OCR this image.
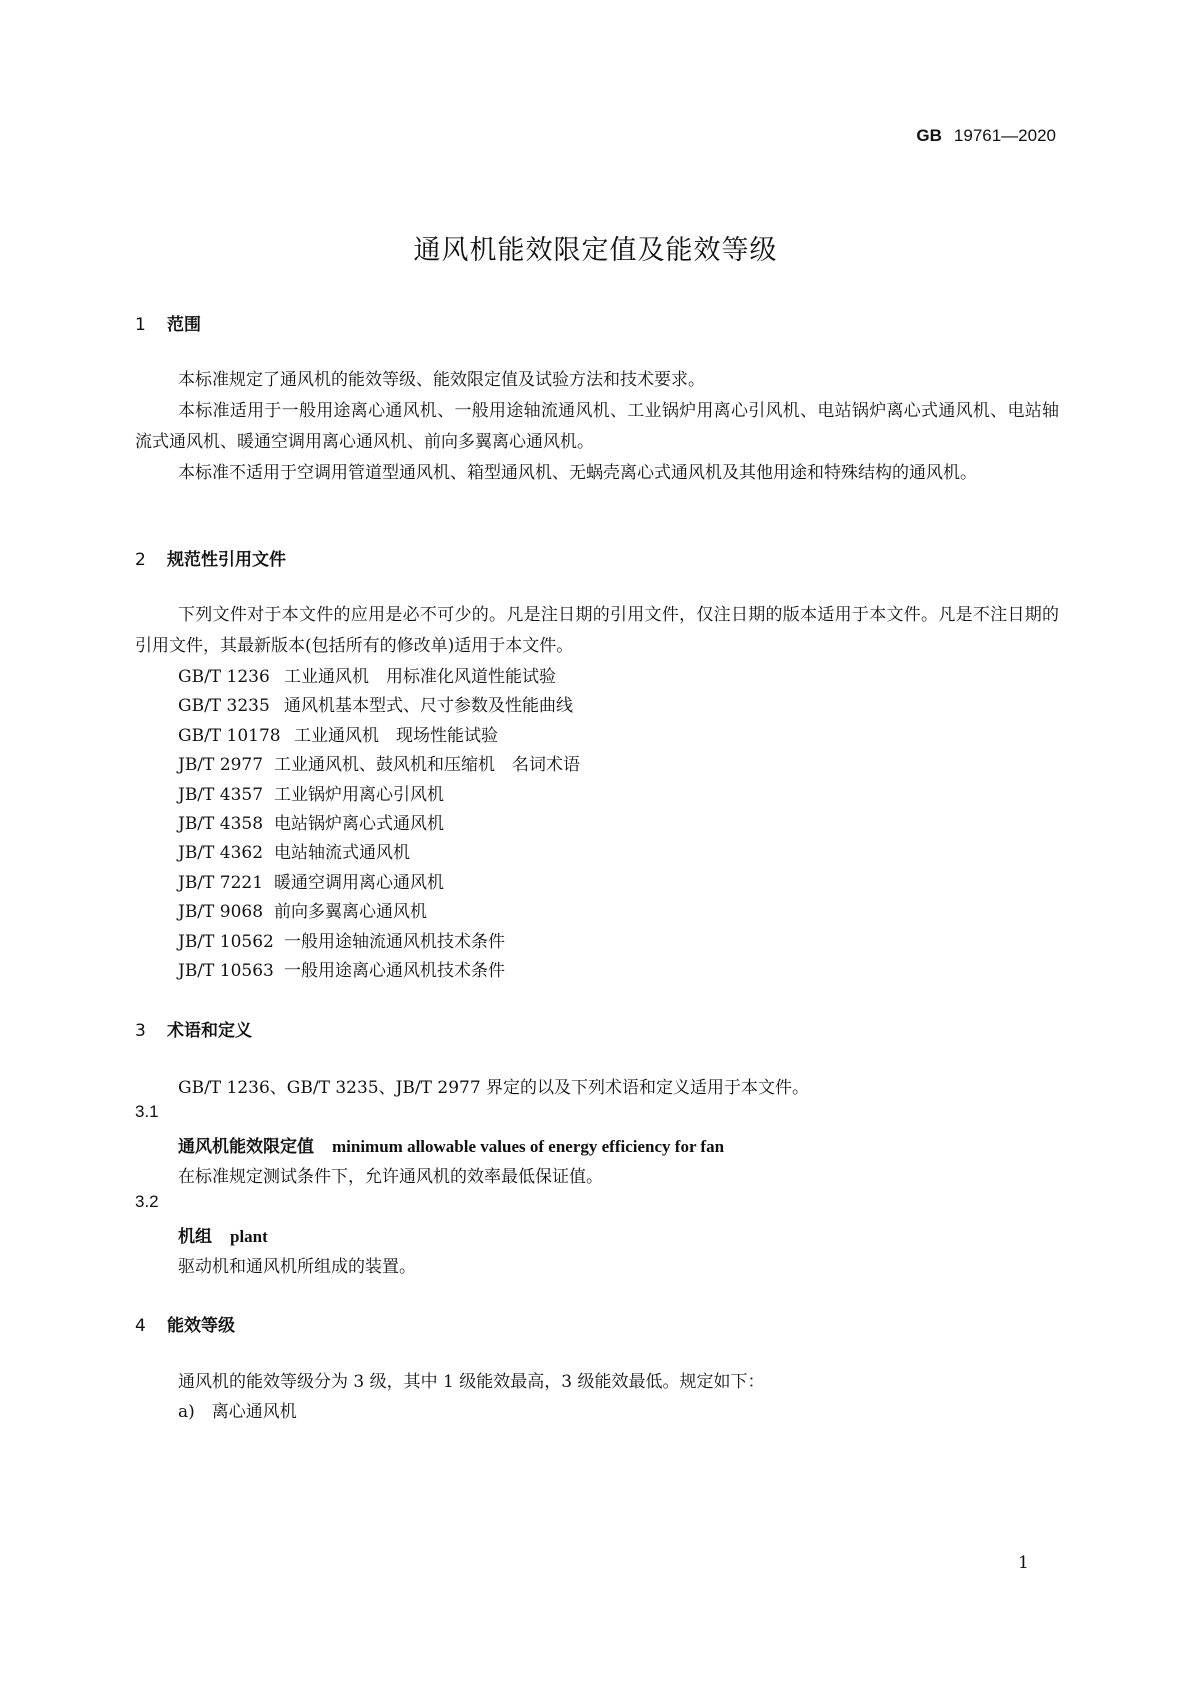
GB 19761—2020
通风机能效限定值及能效等级
1 范围
本标准规定了通风机的能效等级、能效限定值及试验方法和技术要求。
本标准适用于一般用途离心通风机、一般用途轴流通风机、工业锅炉用离心引风机、电站锅炉离心式通风机、电站轴流式通风机、暖通空调用离心通风机、前向多翼离心通风机。
本标准不适用于空调用管道型通风机、箱型通风机、无蜗壳离心式通风机及其他用途和特殊结构的通风机。
2 规范性引用文件
下列文件对于本文件的应用是必不可少的。凡是注日期的引用文件，仅注日期的版本适用于本文件。凡是不注日期的引用文件，其最新版本(包括所有的修改单)适用于本文件。
GB/T 1236 工业通风机　用标准化风道性能试验
GB/T 3235 通风机基本型式、尺寸参数及性能曲线
GB/T 10178 工业通风机　现场性能试验
JB/T 2977 工业通风机、鼓风机和压缩机　名词术语
JB/T 4357 工业锅炉用离心引风机
JB/T 4358 电站锅炉离心式通风机
JB/T 4362 电站轴流式通风机
JB/T 7221 暖通空调用离心通风机
JB/T 9068 前向多翼离心通风机
JB/T 10562 一般用途轴流通风机技术条件
JB/T 10563 一般用途离心通风机技术条件
3 术语和定义
GB/T 1236、GB/T 3235、JB/T 2977 界定的以及下列术语和定义适用于本文件。
3.1
通风机能效限定值 minimum allowable values of energy efficiency for fan
在标准规定测试条件下，允许通风机的效率最低保证值。
3.2
机组 plant
驱动机和通风机所组成的装置。
4 能效等级
通风机的能效等级分为 3 级，其中 1 级能效最高，3 级能效最低。规定如下：
a)　离心通风机
1
